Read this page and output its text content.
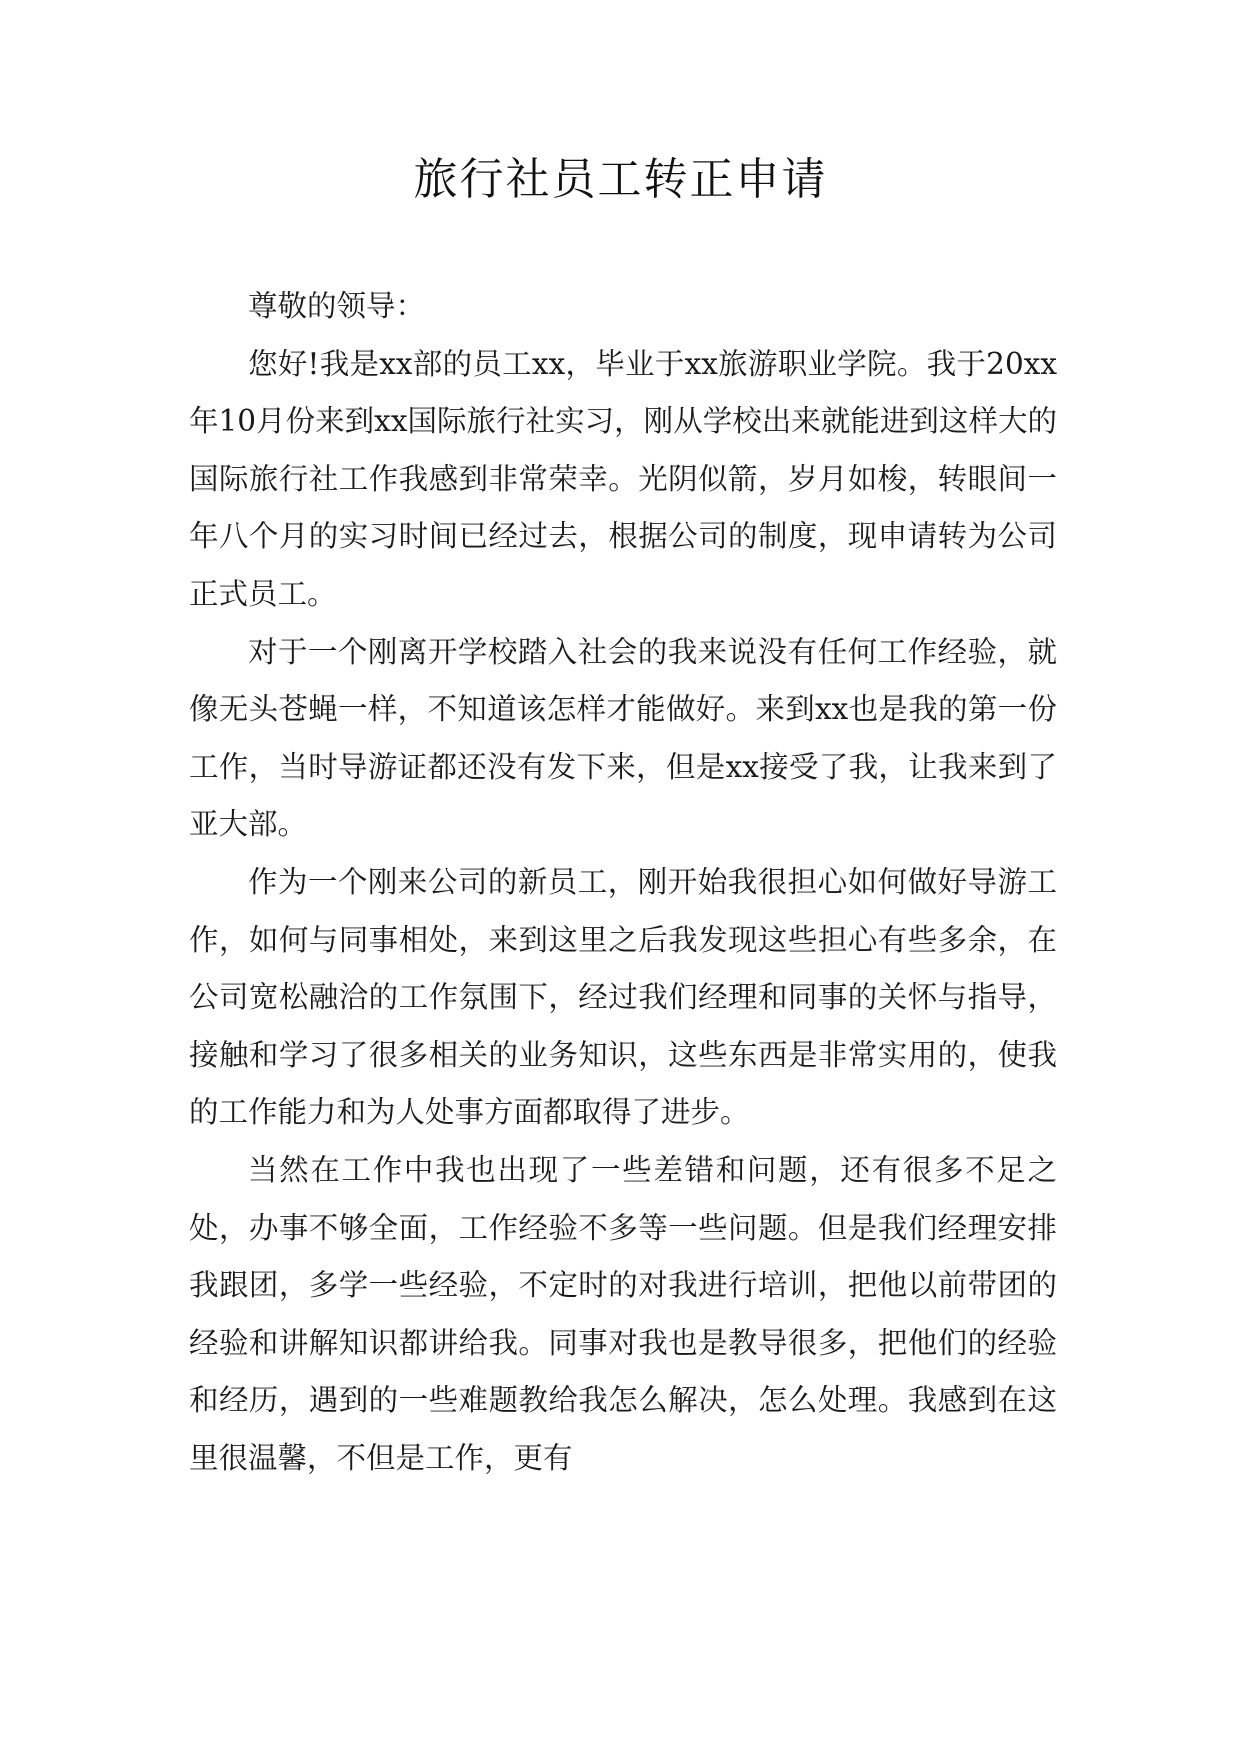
旅行社员工转正申请

尊敬的领导：

您好!我是xx部的员工xx，毕业于xx旅游职业学院。我于20xx年10月份来到xx国际旅行社实习，刚从学校出来就能进到这样大的国际旅行社工作我感到非常荣幸。光阴似箭，岁月如梭，转眼间一年八个月的实习时间已经过去，根据公司的制度，现申请转为公司正式员工。

对于一个刚离开学校踏入社会的我来说没有任何工作经验，就像无头苍蝇一样，不知道该怎样才能做好。来到xx也是我的第一份工作，当时导游证都还没有发下来，但是xx接受了我，让我来到了亚大部。

作为一个刚来公司的新员工，刚开始我很担心如何做好导游工作，如何与同事相处，来到这里之后我发现这些担心有些多余，在公司宽松融洽的工作氛围下，经过我们经理和同事的关怀与指导，接触和学习了很多相关的业务知识，这些东西是非常实用的，使我的工作能力和为人处事方面都取得了进步。

当然在工作中我也出现了一些差错和问题，还有很多不足之处，办事不够全面，工作经验不多等一些问题。但是我们经理安排我跟团，多学一些经验，不定时的对我进行培训，把他以前带团的经验和讲解知识都讲给我。同事对我也是教导很多，把他们的经验和经历，遇到的一些难题教给我怎么解决，怎么处理。我感到在这里很温馨，不但是工作，更有
